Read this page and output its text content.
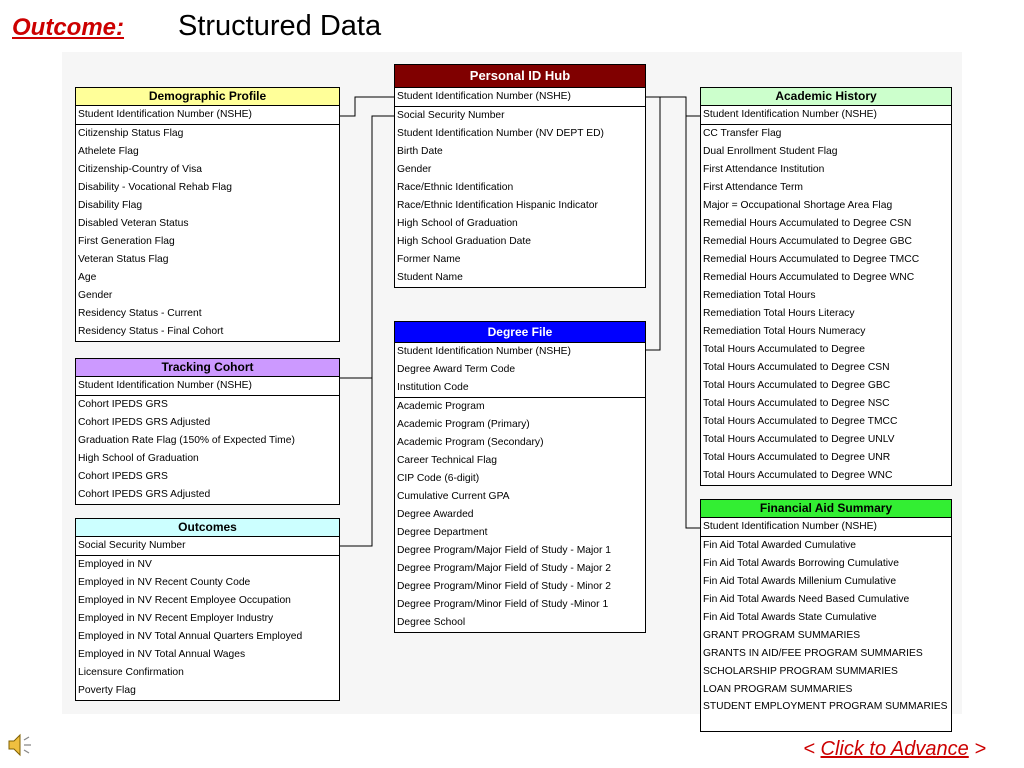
Outcome: Structured Data
Demographic Profile
Student Identification Number (NSHE)
Citizenship Status Flag
Athelete Flag
Citizenship-Country of Visa
Disability - Vocational Rehab Flag
Disability Flag
Disabled Veteran Status
First Generation Flag
Veteran Status Flag
Age
Gender
Residency Status - Current
Residency Status - Final Cohort
Tracking Cohort
Student Identification Number (NSHE)
Cohort IPEDS GRS
Cohort IPEDS GRS Adjusted
Graduation Rate Flag (150% of Expected Time)
High School of Graduation
Cohort IPEDS GRS
Cohort IPEDS GRS Adjusted
Outcomes
Social Security Number
Employed in NV
Employed in NV Recent County Code
Employed in NV Recent Employee Occupation
Employed in NV Recent Employer Industry
Employed in NV Total Annual Quarters Employed
Employed in NV Total Annual Wages
Licensure Confirmation
Poverty Flag
Personal ID Hub
Student Identification Number (NSHE)
Social Security Number
Student Identification Number (NV DEPT ED)
Birth Date
Gender
Race/Ethnic Identification
Race/Ethnic Identification Hispanic Indicator
High School of Graduation
High School Graduation Date
Former Name
Student Name
Degree File
Student Identification Number (NSHE)
Degree Award Term Code
Institution Code
Academic Program
Academic Program (Primary)
Academic Program (Secondary)
Career Technical Flag
CIP Code (6-digit)
Cumulative Current GPA
Degree Awarded
Degree Department
Degree Program/Major Field of Study - Major 1
Degree Program/Major Field of Study - Major 2
Degree Program/Minor Field of Study - Minor 2
Degree Program/Minor Field of Study -Minor 1
Degree School
Academic History
Student Identification Number (NSHE)
CC Transfer Flag
Dual Enrollment Student Flag
First Attendance Institution
First Attendance Term
Major = Occupational Shortage Area Flag
Remedial Hours Accumulated to Degree CSN
Remedial Hours Accumulated to Degree GBC
Remedial Hours Accumulated to Degree TMCC
Remedial Hours Accumulated to Degree WNC
Remediation Total Hours
Remediation Total Hours Literacy
Remediation Total Hours Numeracy
Total Hours Accumulated to Degree
Total Hours Accumulated to Degree CSN
Total Hours Accumulated to Degree GBC
Total Hours Accumulated to Degree NSC
Total Hours Accumulated to Degree TMCC
Total Hours Accumulated to Degree UNLV
Total Hours Accumulated to Degree UNR
Total Hours Accumulated to Degree WNC
Financial Aid Summary
Student Identification Number (NSHE)
Fin Aid Total Awarded Cumulative
Fin Aid Total Awards Borrowing Cumulative
Fin Aid Total Awards Millenium Cumulative
Fin Aid Total Awards Need Based Cumulative
Fin Aid Total Awards State Cumulative
GRANT PROGRAM SUMMARIES
GRANTS IN AID/FEE PROGRAM SUMMARIES
SCHOLARSHIP PROGRAM SUMMARIES
LOAN PROGRAM SUMMARIES
STUDENT EMPLOYMENT PROGRAM SUMMARIES
< Click to Advance >
